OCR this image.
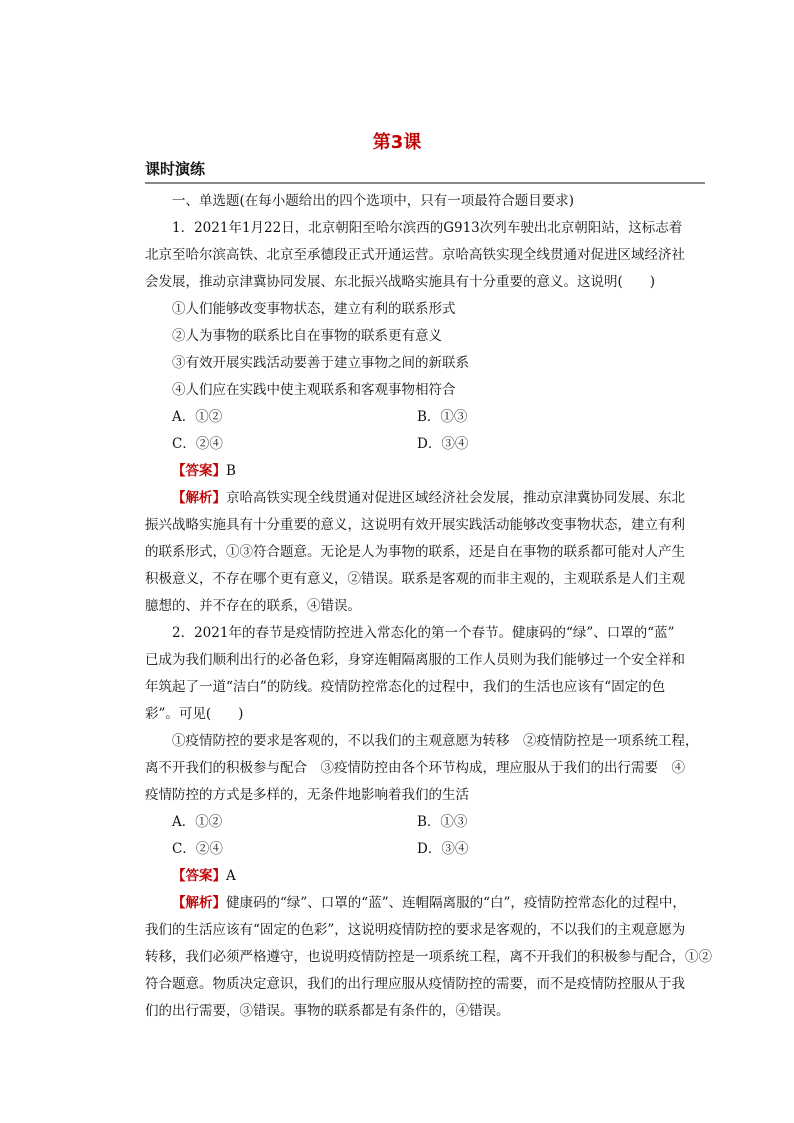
第3课
课时演练
一、单选题(在每小题给出的四个选项中，只有一项最符合题目要求)
1．2021年1月22日，北京朝阳至哈尔滨西的G913次列车驶出北京朝阳站，这标志着
北京至哈尔滨高铁、北京至承德段正式开通运营。京哈高铁实现全线贯通对促进区域经济社
会发展，推动京津冀协同发展、东北振兴战略实施具有十分重要的意义。这说明(　　)
①人们能够改变事物状态，建立有利的联系形式
②人为事物的联系比自在事物的联系更有意义
③有效开展实践活动要善于建立事物之间的新联系
④人们应在实践中使主观联系和客观事物相符合
A．①②	B．①③
C．②④	D．③④
【答案】B
【解析】京哈高铁实现全线贯通对促进区域经济社会发展，推动京津冀协同发展、东北
振兴战略实施具有十分重要的意义，这说明有效开展实践活动能够改变事物状态，建立有利
的联系形式，①③符合题意。无论是人为事物的联系，还是自在事物的联系都可能对人产生
积极意义，不存在哪个更有意义，②错误。联系是客观的而非主观的，主观联系是人们主观
臆想的、并不存在的联系，④错误。
2．2021年的春节是疫情防控进入常态化的第一个春节。健康码的“绿”、口罩的“蓝”
已成为我们顺利出行的必备色彩，身穿连帽隔离服的工作人员则为我们能够过一个安全祥和
年筑起了一道“洁白”的防线。疫情防控常态化的过程中，我们的生活也应该有“固定的色
彩”。可见(　　)
①疫情防控的要求是客观的，不以我们的主观意愿为转移　②疫情防控是一项系统工程，
离不开我们的积极参与配合　③疫情防控由各个环节构成，理应服从于我们的出行需要　④
疫情防控的方式是多样的，无条件地影响着我们的生活
A．①②	B．①③
C．②④	D．③④
【答案】A
【解析】健康码的“绿”、口罩的“蓝”、连帽隔离服的“白”，疫情防控常态化的过程中，
我们的生活应该有“固定的色彩”，这说明疫情防控的要求是客观的，不以我们的主观意愿为
转移，我们必须严格遵守，也说明疫情防控是一项系统工程，离不开我们的积极参与配合，①②
符合题意。物质决定意识，我们的出行理应服从疫情防控的需要，而不是疫情防控服从于我
们的出行需要，③错误。事物的联系都是有条件的，④错误。
